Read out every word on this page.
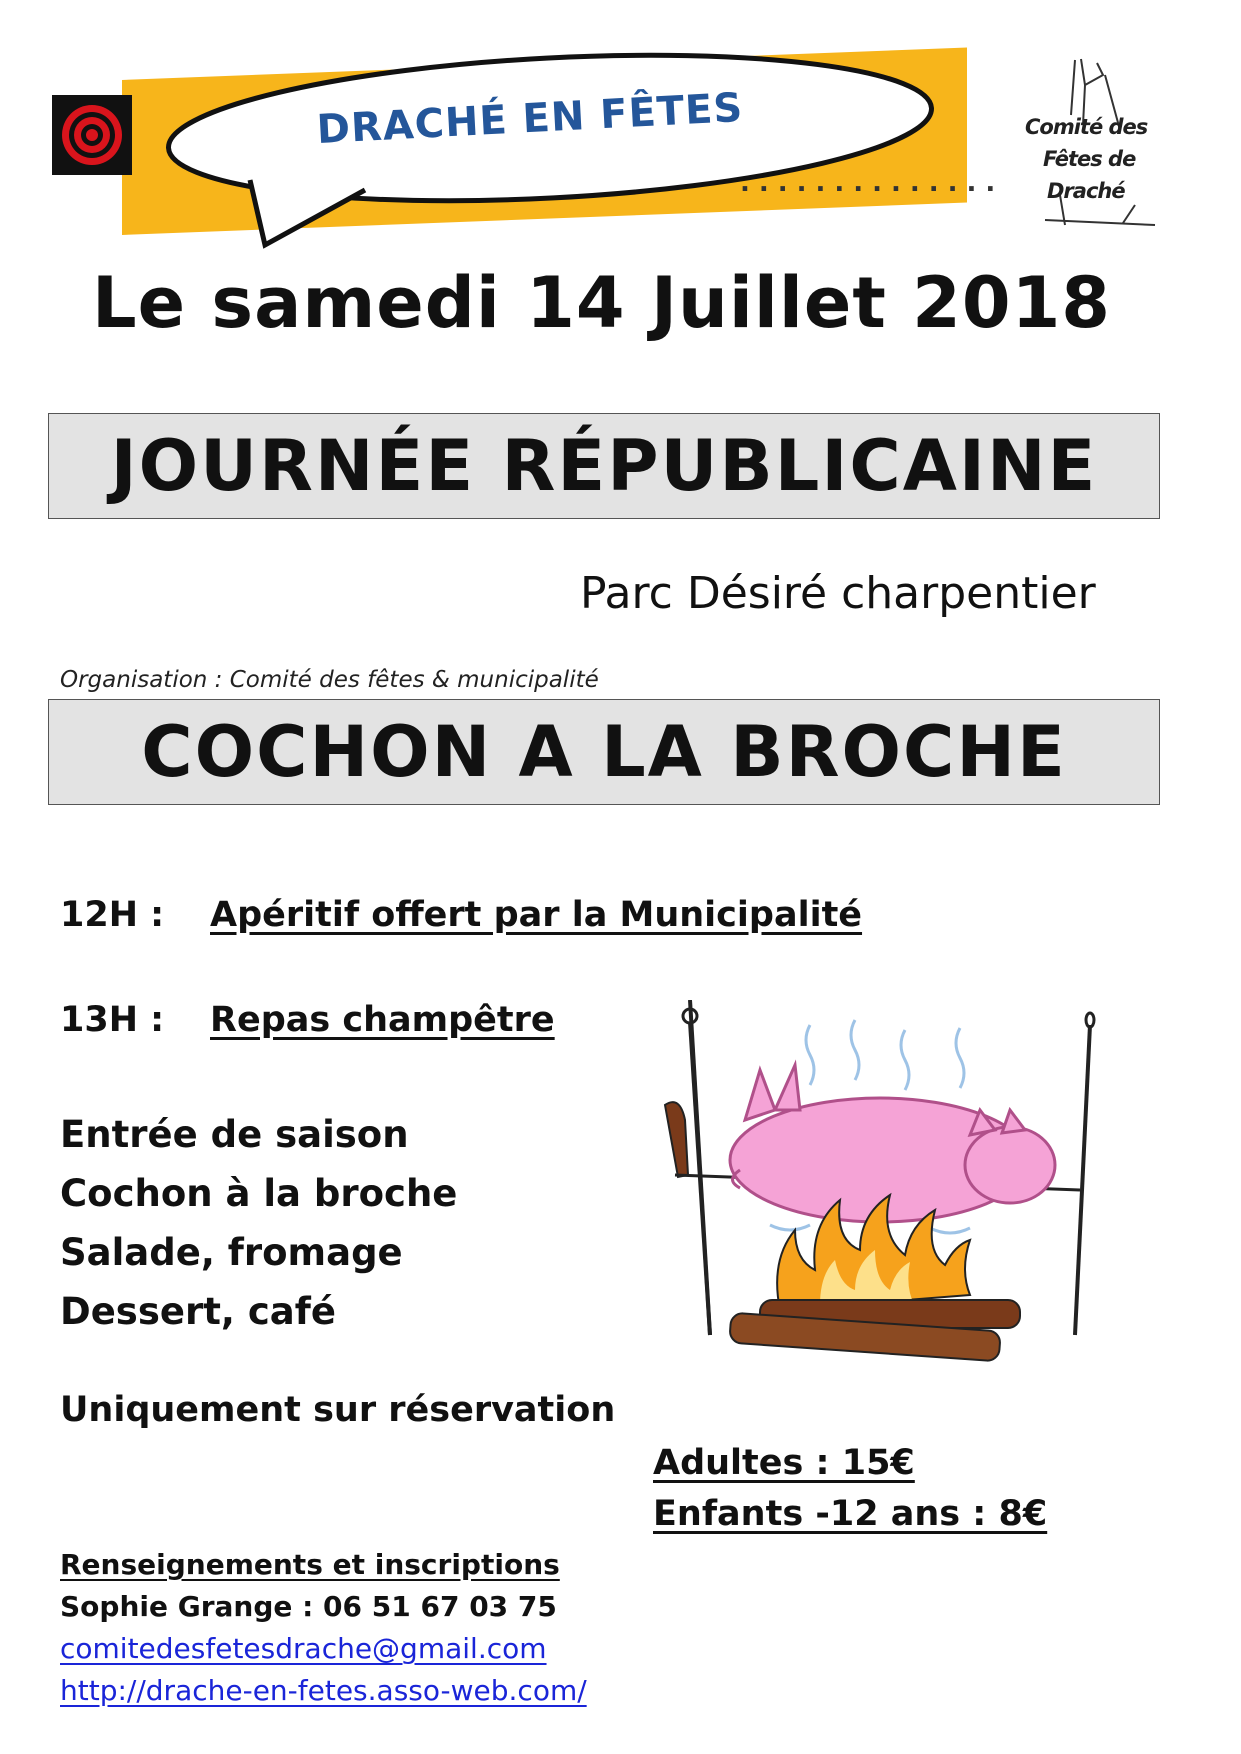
DRACHÉ EN FÊTES
..............
Comité des
Fêtes de
Draché
Le samedi 14 Juillet 2018
JOURNÉE RÉPUBLICAINE
Parc Désiré charpentier
Organisation : Comité des fêtes & municipalité
COCHON A LA BROCHE
12H : Apéritif offert par la Municipalité
13H : Repas champêtre
Entrée de saison
Cochon à la broche
Salade, fromage
Dessert, café
Uniquement sur réservation
Adultes : 15€
Enfants -12 ans : 8€
Renseignements et inscriptions
Sophie Grange : 06 51 67 03 75
comitedesfetesdrache@gmail.com
http://drache-en-fetes.asso-web.com/
